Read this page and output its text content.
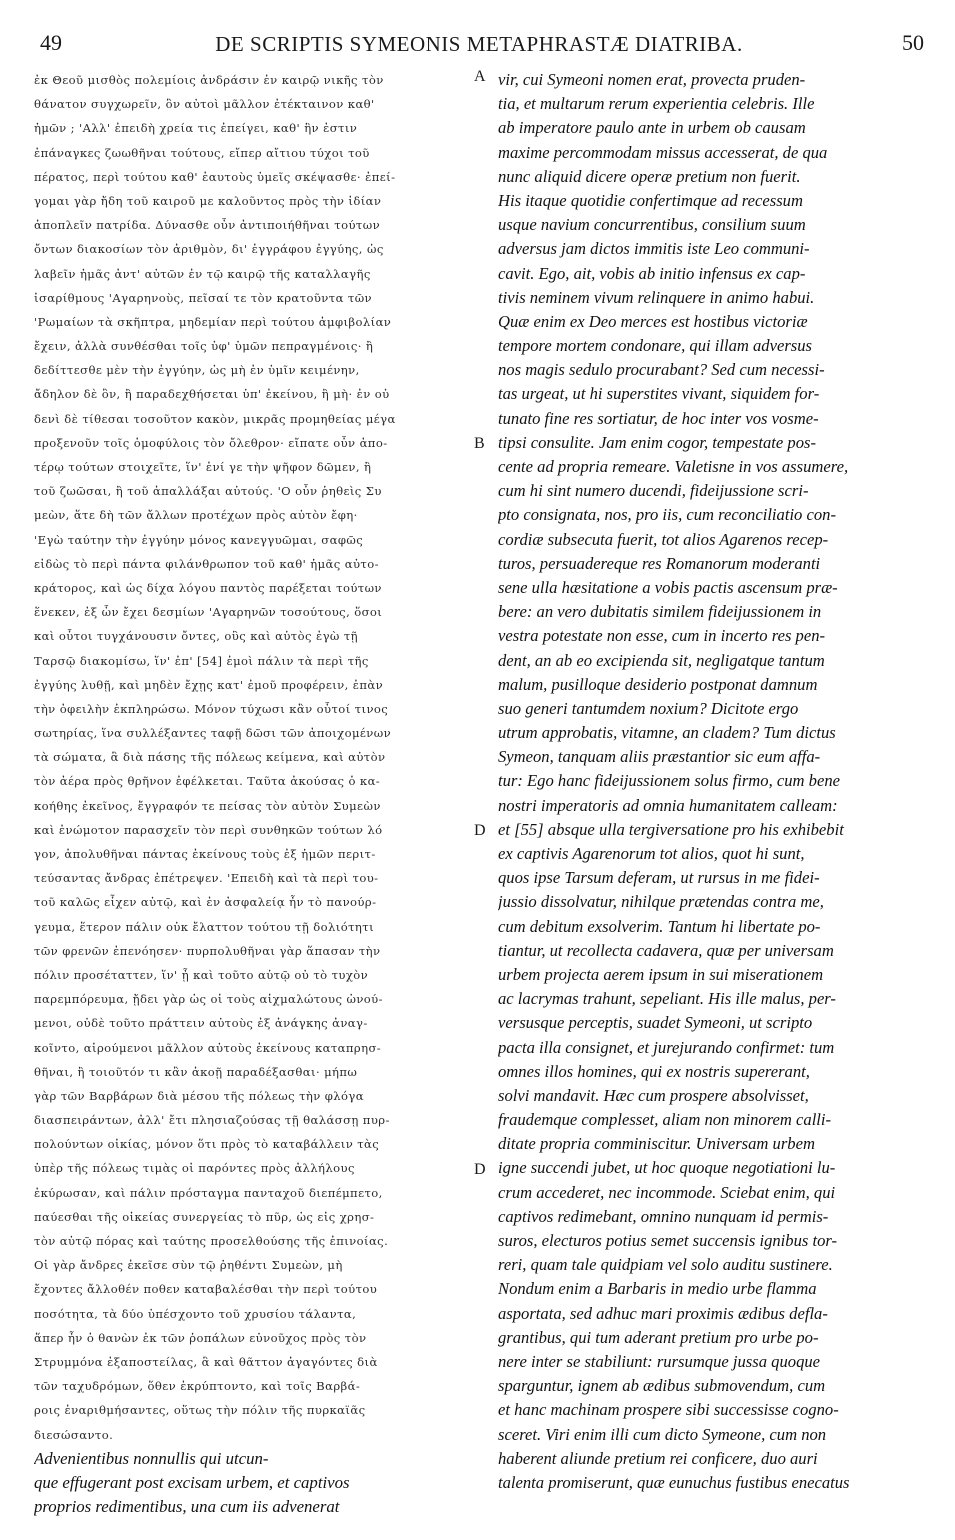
49	DE SCRIPTIS SYMEONIS METAPHRASTÆ DIATRIBA.	50
ἐκ Θεοῦ μισθὸς πολεμίοις ἀνδράσιν ἐν καιρῷ νικῆς τὸν
θάνατον συγχωρεῖν, ὃν αὐτοὶ μᾶλλον ἐτέκταινον καθ'
ἡμῶν ; 'Αλλ' ἐπειδὴ χρεία τις ἐπείγει, καθ' ἣν ἐστιν
ἐπάναγκες ζωωθῆναι τούτους, εἴπερ αἴτιου τύχοι τοῦ
πέρατος, περὶ τούτου καθ' ἑαυτοὺς ὑμεῖς σκέψασθε· ἐπεί-
γομαι γὰρ ἤδη τοῦ καιροῦ με καλοῦντος πρὸς τὴν ἰδίαν
ἀποπλεῖν πατρίδα. Δύνασθε οὖν ἀντιποιήθῆναι τούτων
ὄντων διακοσίων τὸν ἀριθμὸν, δι' ἐγγράφου ἐγγύης, ὡς
λαβεῖν ἡμᾶς ἀντ' αὐτῶν ἐν τῷ καιρῷ τῆς καταλλαγῆς
ἰσαρίθμους 'Αγαρηνοὺς, πεῖσαί τε τὸν κρατοῦντα τῶν
'Ρωμαίων τὰ σκῆπτρα, μηδεμίαν περὶ τούτου ἀμφιβολίαν
ἔχειν, ἀλλὰ συνθέσθαι τοῖς ὑφ' ὑμῶν πεπραγμένοις· ἢ
δεδίττεσθε μὲν τὴν ἐγγύην, ὡς μὴ ἐν ὑμῖν κειμένην,
ἄδηλον δὲ ὂν, ἢ παραδεχθήσεται ὑπ' ἐκείνου, ἢ μὴ· ἐν οὐ
δενὶ δὲ τίθεσαι τοσοῦτον κακὸν, μικρᾶς προμηθείας μέγα
προξενοῦν τοῖς ὁμοφύλοις τὸν ὄλεθρον· εἴπατε οὖν ἀπο-
τέρῳ τούτων στοιχεῖτε, ἵν' ἑνί γε τὴν ψῆφον δῶμεν, ἢ
τοῦ ζωῶσαι, ἢ τοῦ ἀπαλλάξαι αὐτούς. 'Ο οὖν ῥηθεὶς Συ
μεὼν, ἅτε δὴ τῶν ἄλλων προτέχων πρὸς αὐτὸν ἔφη·
'Εγὼ ταύτην τὴν ἐγγύην μόνος κανεγγυῶμαι, σαφῶς
εἰδὼς τὸ περὶ πάντα φιλάνθρωπον τοῦ καθ' ἡμᾶς αὐτο-
κράτορος, καὶ ὡς δίχα λόγου παντὸς παρέξεται τούτων
ἕνεκεν, ἐξ ὧν ἔχει δεσμίων 'Αγαρηνῶν τοσούτους, ὅσοι
καὶ οὗτοι τυγχάνουσιν ὄντες, οὓς καὶ αὐτὸς ἐγὼ τῇ
Ταρσῷ διακομίσω, ἵν' ἐπ' [54] ἐμοὶ πάλιν τὰ περὶ τῆς
ἐγγύης λυθῇ, καὶ μηδὲν ἔχῃς κατ' ἐμοῦ προφέρειν, ἐπὰν
τὴν ὀφειλὴν ἐκπληρώσω. Μόνον τύχωσι κἂν οὗτοί τινος
σωτηρίας, ἵνα συλλέξαντες ταφῇ δῶσι τῶν ἀποιχομένων
τὰ σώματα, ἃ διὰ πάσης τῆς πόλεως κείμενα, καὶ αὐτὸν
τὸν ἀέρα πρὸς θρῆνον ἐφέλκεται. Ταῦτα ἀκούσας ὁ κα-
κοήθης ἐκεῖνος, ἔγγραφόν τε πείσας τὸν αὐτὸν Συμεὼν
καὶ ἐνώμοτον παρασχεῖν τὸν περὶ συνθηκῶν τούτων λό
γον, ἀπολυθῆναι πάντας ἐκείνους τοὺς ἐξ ἡμῶν περιτ-
τεύσαντας ἄνδρας ἐπέτρεψεν. 'Επειδὴ καὶ τὰ περὶ του-
τοῦ καλῶς εἶχεν αὐτῷ, καὶ ἐν ἀσφαλείᾳ ἦν τὸ πανούρ-
γευμα, ἕτερον πάλιν οὐκ ἔλαττον τούτου τῇ δολιότητι
τῶν φρενῶν ἐπενόησεν· πυρπολυθῆναι γὰρ ἅπασαν τὴν
πόλιν προσέταττεν, ἵν' ᾖ καὶ τοῦτο αὐτῷ οὐ τὸ τυχὸν
παρεμπόρευμα, ᾔδει γὰρ ὡς οἱ τοὺς αἰχμαλώτους ὠνού-
μενοι, οὐδὲ τοῦτο πράττειν αὐτοὺς ἐξ ἀνάγκης ἀναγ-
κοῖντο, αἱρούμενοι μᾶλλον αὐτοὺς ἐκείνους καταπρησ-
θῆναι, ἢ τοιοῦτόν τι κἂν ἀκοῇ παραδέξασθαι· μήπω
γὰρ τῶν Βαρβάρων διὰ μέσου τῆς πόλεως τὴν φλόγα
διασπειράντων, ἀλλ' ἔτι πλησιαζούσας τῇ θαλάσσῃ πυρ-
πολούντων οἰκίας, μόνον ὅτι πρὸς τὸ καταβάλλειν τὰς
ὑπὲρ τῆς πόλεως τιμὰς οἱ παρόντες πρὸς ἀλλήλους
ἐκύρωσαν, καὶ πάλιν πρόσταγμα πανταχοῦ διεπέμπετο,
παύεσθαι τῆς οἰκείας συνεργείας τὸ πῦρ, ὡς εἰς χρησ-
τὸν αὐτῷ πόρας καὶ ταύτης προσελθούσης τῆς ἐπινοίας.
Οἱ γὰρ ἄνδρες ἐκεῖσε σὺν τῷ ῥηθέντι Συμεὼν, μὴ
ἔχοντες ἄλλοθέν ποθεν καταβαλέσθαι τὴν περὶ τούτου
ποσότητα, τὰ δύο ὑπέσχοντο τοῦ χρυσίου τάλαντα,
ἅπερ ἦν ὁ θανὼν ἐκ τῶν ῥοπάλων εὐνοῦχος πρὸς τὸν
Στρυμμόνα ἐξαποστείλας, ἃ καὶ θᾶττον ἀγαγόντες διὰ
τῶν ταχυδρόμων, ὅθεν ἐκρύπτοντο, καὶ τοῖς Βαρβά-
ροις ἐναριθμήσαντες, οὕτως τὴν πόλιν τῆς πυρκαϊᾶς
διεσώσαντο.
Advenientibus nonnullis qui utcun-
que effugerant post excisam urbem, et captivos
proprios redimentibus, una cum iis advenerat
A
B
D
D
vir, cui Symeoni nomen erat, provecta pruden-
tia, et multarum rerum experientia celebris. Ille
ab imperatore paulo ante in urbem ob causam
maxime percommodam missus accesserat, de qua
nunc aliquid dicere operæ pretium non fuerit.
His itaque quotidie confertimque ad recessum
usque navium concurrentibus, consilium suum
adversus jam dictos immitis iste Leo communi-
cavit. Ego, ait, vobis ab initio infensus ex cap-
tivis neminem vivum relinquere in animo habui.
Quæ enim ex Deo merces est hostibus victoriæ
tempore mortem condonare, qui illam adversus
nos magis sedulo procurabant? Sed cum necessi-
tas urgeat, ut hi superstites vivant, siquidem for-
tunato fine res sortiatur, de hoc inter vos vosme-
tipsi consulite. Jam enim cogor, tempestate pos-
cente ad propria remeare. Valetisne in vos assumere,
cum hi sint numero ducendi, fideijussione scri-
pto consignata, nos, pro iis, cum reconciliatio con-
cordiæ subsecuta fuerit, tot alios Agarenos recep-
turos, persuadereque res Romanorum moderanti
sene ulla hæsitatione a vobis pactis ascensum præ-
bere: an vero dubitatis similem fideijussionem in
vestra potestate non esse, cum in incerto res pen-
dent, an ab eo excipienda sit, negligatque tantum
malum, pusilloque desiderio postponat damnum
suo generi tantumdem noxium? Dicitote ergo
utrum approbatis, vitamne, an cladem? Tum dictus
Symeon, tanquam aliis præstantior sic eum affa-
tur: Ego hanc fideijussionem solus firmo, cum bene
nostri imperatoris ad omnia humanitatem calleam:
et [55] absque ulla tergiversatione pro his exhibebit
ex captivis Agarenorum tot alios, quot hi sunt,
quos ipse Tarsum deferam, ut rursus in me fidei-
jussio dissolvatur, nihilque prætendas contra me,
cum debitum exsolverim. Tantum hi libertate po-
tiantur, ut recollecta cadavera, quæ per universam
urbem projecta aerem ipsum in sui miserationem
ac lacrymas trahunt, sepeliant. His ille malus, per-
versusque perceptis, suadet Symeoni, ut scripto
pacta illa consignet, et jurejurando confirmet: tum
omnes illos homines, qui ex nostris supererant,
solvi mandavit. Hæc cum prospere absolvisset,
fraudemque complesset, aliam non minorem calli-
ditate propria comminiscitur. Universam urbem
igne succendi jubet, ut hoc quoque negotiationi lu-
crum accederet, nec incommode. Sciebat enim, qui
captivos redimebant, omnino nunquam id permis-
suros, electuros potius semet succensis ignibus tor-
reri, quam tale quidpiam vel solo auditu sustinere.
Nondum enim a Barbaris in medio urbe flamma
asportata, sed adhuc mari proximis ædibus defla-
grantibus, qui tum aderant pretium pro urbe po-
nere inter se stabiliunt: rursumque jussa quoque
sparguntur, ignem ab ædibus submovendum, cum
et hanc machinam prospere sibi successisse cogno-
sceret. Viri enim illi cum dicto Symeone, cum non
haberent aliunde pretium rei conficere, duo auri
talenta promiserunt, quæ eunuchus fustibus enecatus
